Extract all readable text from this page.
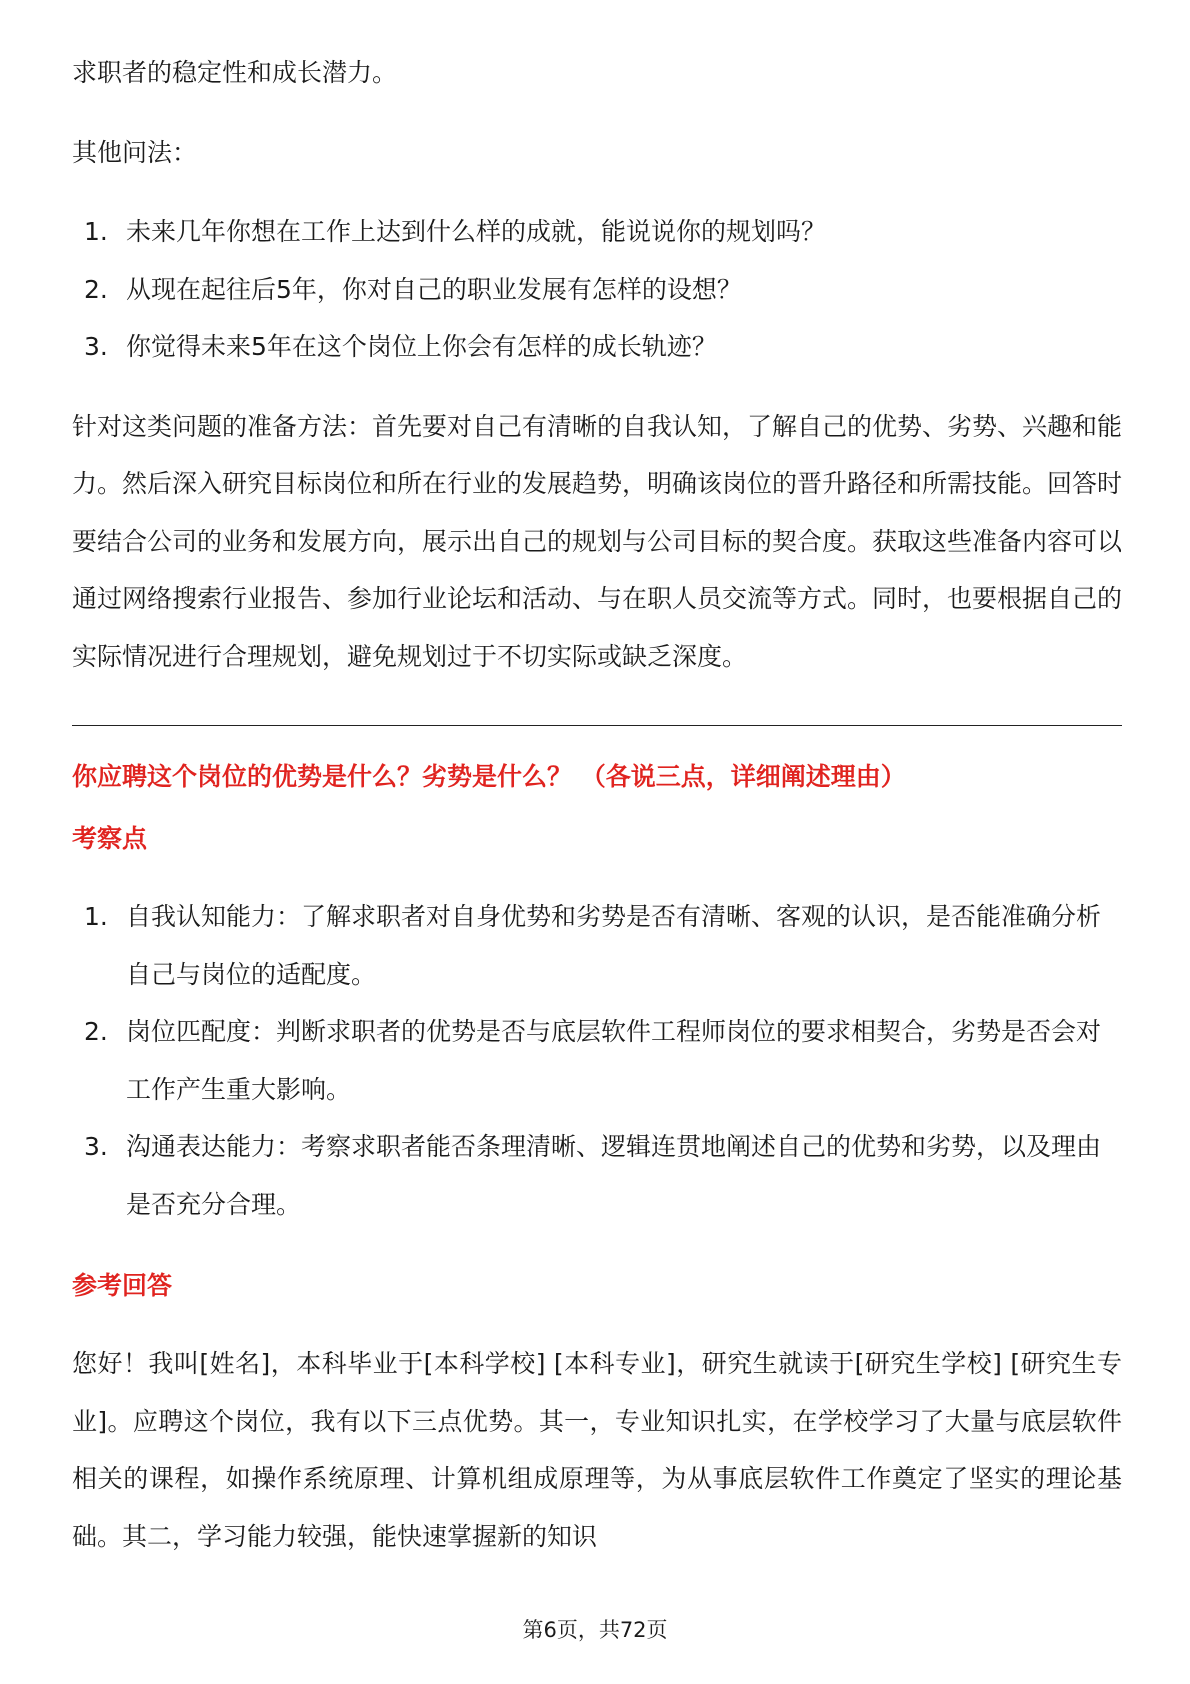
求职者的稳定性和成长潜力。

其他问法：

1. 未来几年你想在工作上达到什么样的成就，能说说你的规划吗？
2. 从现在起往后5年，你对自己的职业发展有怎样的设想？
3. 你觉得未来5年在这个岗位上你会有怎样的成长轨迹？

针对这类问题的准备方法：首先要对自己有清晰的自我认知，了解自己的优势、劣势、兴趣和能力。然后深入研究目标岗位和所在行业的发展趋势，明确该岗位的晋升路径和所需技能。回答时要结合公司的业务和发展方向，展示出自己的规划与公司目标的契合度。获取这些准备内容可以通过网络搜索行业报告、参加行业论坛和活动、与在职人员交流等方式。同时，也要根据自己的实际情况进行合理规划，避免规划过于不切实际或缺乏深度。

你应聘这个岗位的优势是什么？劣势是什么？ （各说三点，详细阐述理由）

考察点

1. 自我认知能力：了解求职者对自身优势和劣势是否有清晰、客观的认识，是否能准确分析自己与岗位的适配度。
2. 岗位匹配度：判断求职者的优势是否与底层软件工程师岗位的要求相契合，劣势是否会对工作产生重大影响。
3. 沟通表达能力：考察求职者能否条理清晰、逻辑连贯地阐述自己的优势和劣势，以及理由是否充分合理。

参考回答

您好！我叫[姓名]，本科毕业于[本科学校] [本科专业]，研究生就读于[研究生学校] [研究生专业]。应聘这个岗位，我有以下三点优势。其一，专业知识扎实，在学校学习了大量与底层软件相关的课程，如操作系统原理、计算机组成原理等，为从事底层软件工作奠定了坚实的理论基础。其二，学习能力较强，能快速掌握新的知识

第6页，共72页
